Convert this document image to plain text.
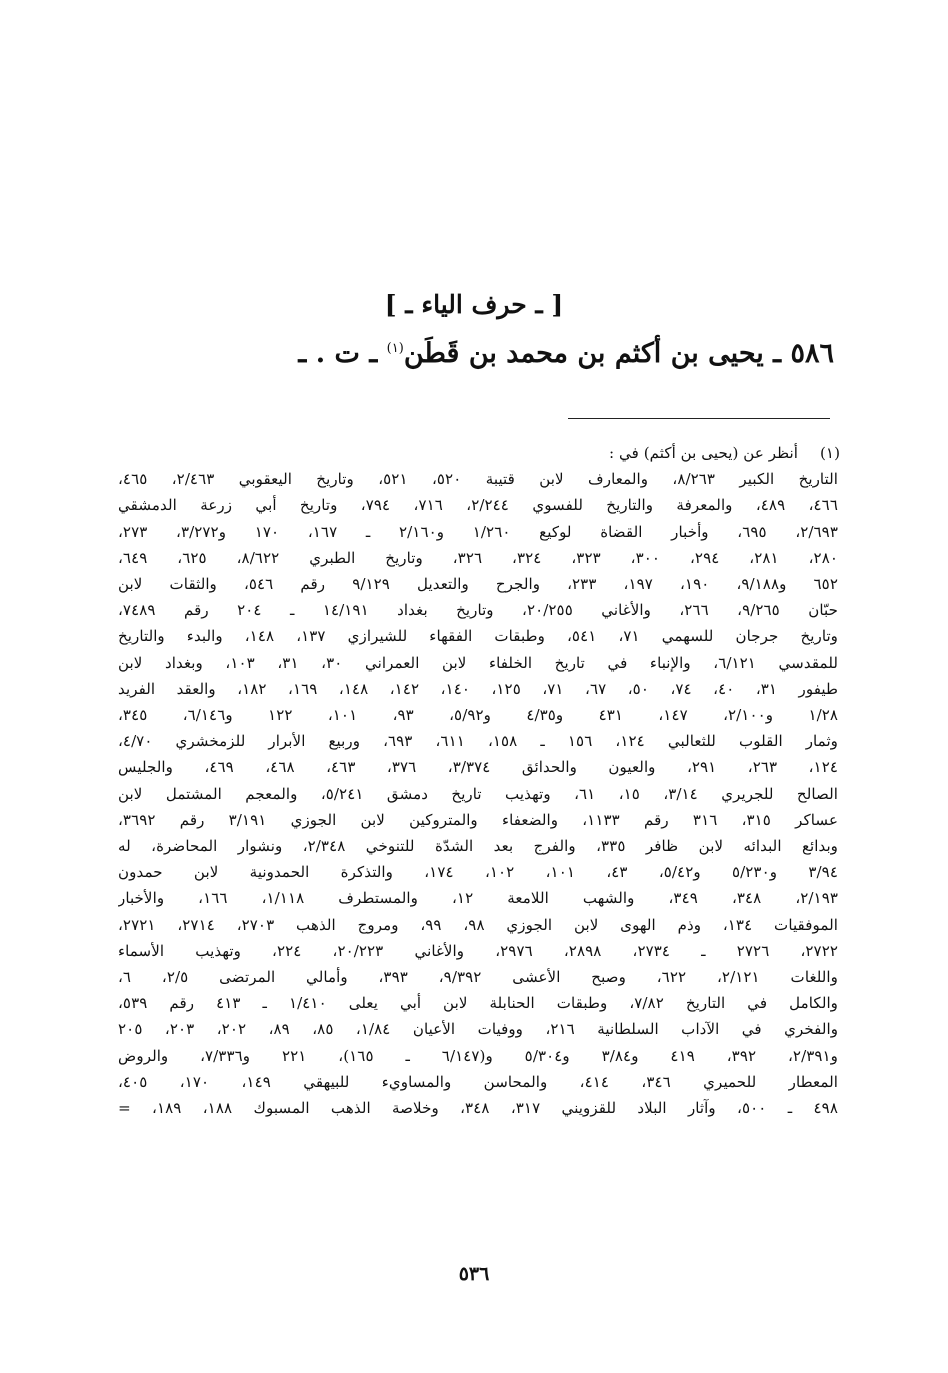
[ ـ حرف الياء ـ ]
٥٨٦ ـ يحيى بن أكثم بن محمد بن قَطَن$^{(١)}$ ـ ت . ـ
(١)
أنظر عن (يحيى بن أكثم) في :
التاريخ الكبير ٨/٢٦٣، والمعارف لابن قتيبة ٥٢٠، ٥٢١، وتاريخ اليعقوبي ٢/٤٦٣، ٤٦٥،
٤٦٦، ٤٨٩، والمعرفة والتاريخ للفسوي ٢/٢٤٤، ٧١٦، ٧٩٤، وتاريخ أبي زرعة الدمشقي
٢/٦٩٣، ٦٩٥، وأخبار القضاة لوكيع ١/٢٦٠ و٢/١٦٠ ـ ١٦٧، ١٧٠ و٣/٢٧٢، ٢٧٣،
٢٨٠، ٢٨١، ٢٩٤، ٣٠٠، ٣٢٣، ٣٢٤، ٣٢٦، وتاريخ الطبري ٨/٦٢٢، ٦٢٥، ٦٤٩،
٦٥٢ و٩/١٨٨، ١٩٠، ١٩٧، ٢٣٣، والجرح والتعديل ٩/١٢٩ رقم ٥٤٦، والثقات لابن
حبّان ٩/٢٦٥، ٢٦٦، والأغاني ٢٠/٢٥٥، وتاريخ بغداد ١٤/١٩١ ـ ٢٠٤ رقم ٧٤٨٩،
وتاريخ جرجان للسهمي ٧١، ٥٤١، وطبقات الفقهاء للشيرازي ١٣٧، ١٤٨، والبدء والتاريخ
للمقدسي ٦/١٢١، والإنباء في تاريخ الخلفاء لابن العمراني ٣٠، ٣١، ١٠٣، وبغداد لابن
طيفور ٣١، ٤٠، ٧٤، ٥٠، ٦٧، ٧١، ١٢٥، ١٤٠، ١٤٢، ١٤٨، ١٦٩، ١٨٢، والعقد الفريد
١/٢٨ و٢/١٠٠، ١٤٧، ٤٣١ و٤/٣٥ و٥/٩٢، ٩٣، ١٠١، ١٢٢ و٦/١٤٦، ٣٤٥،
وثمار القلوب للثعالبي ١٢٤، ١٥٦ ـ ١٥٨، ٦١١، ٦٩٣، وربيع الأبرار للزمخشري ٤/٧٠،
١٢٤، ٢٦٣، ٢٩١، والعيون والحدائق ٣/٣٧٤، ٣٧٦، ٤٦٣، ٤٦٨، ٤٦٩، والجليس
الصالح للجريري ٣/١٤، ١٥، ٦١، وتهذيب تاريخ دمشق ٥/٢٤١، والمعجم المشتمل لابن
عساكر ٣١٥، ٣١٦ رقم ١١٣٣، والضعفاء والمتروكين لابن الجوزي ٣/١٩١ رقم ٣٦٩٢،
وبدائع البدائه لابن ظافر ٣٣٥، والفرج بعد الشدّة للتنوخي ٢/٣٤٨، ونشوار المحاضرة، له
٣/٩٤ و٥/٢٣٠ و٥/٤٢، ٤٣، ١٠١، ١٠٢، ١٧٤، والتذكرة الحمدونية لابن حمدون
٢/١٩٣، ٣٤٨، ٣٤٩، والشهب اللامعة ١٢، والمستطرف ١/١١٨، ١٦٦، والأخبار
الموفقيات ١٣٤، وذم الهوى لابن الجوزي ٩٨، ٩٩، ومروج الذهب ٢٧٠٣، ٢٧١٤، ٢٧٢١،
٢٧٢٢، ٢٧٢٦ ـ ٢٧٣٤، ٢٨٩٨، ٢٩٧٦، والأغاني ٢٠/٢٢٣، ٢٢٤، وتهذيب الأسماء
واللغات ٢/١٢١، ٦٢٢، وصبح الأعشى ٩/٣٩٢، ٣٩٣، وأمالي المرتضى ٢/٥، ٦،
والكامل في التاريخ ٧/٨٢، وطبقات الحنابلة لابن أبي يعلى ١/٤١٠ ـ ٤١٣ رقم ٥٣٩،
والفخري في الآداب السلطانية ٢١٦، ووفيات الأعيان ١/٨٤، ٨٥، ٨٩، ٢٠٢، ٢٠٣، ٢٠٥
و٢/٣٩١، ٣٩٢، ٤١٩ و٣/٨٤ و٥/٣٠٤ و(٦/١٤٧ ـ ١٦٥)، ٢٢١ و٧/٣٣٦، والروض
المعطار للحميري ٣٤٦، ٤١٤، والمحاسن والمساويء للبيهقي ١٤٩، ١٧٠، ٤٠٥،
٤٩٨ ـ ٥٠٠، وآثار البلاد للقزويني ٣١٧، ٣٤٨، وخلاصة الذهب المسبوك ١٨٨، ١٨٩، =
٥٣٦
